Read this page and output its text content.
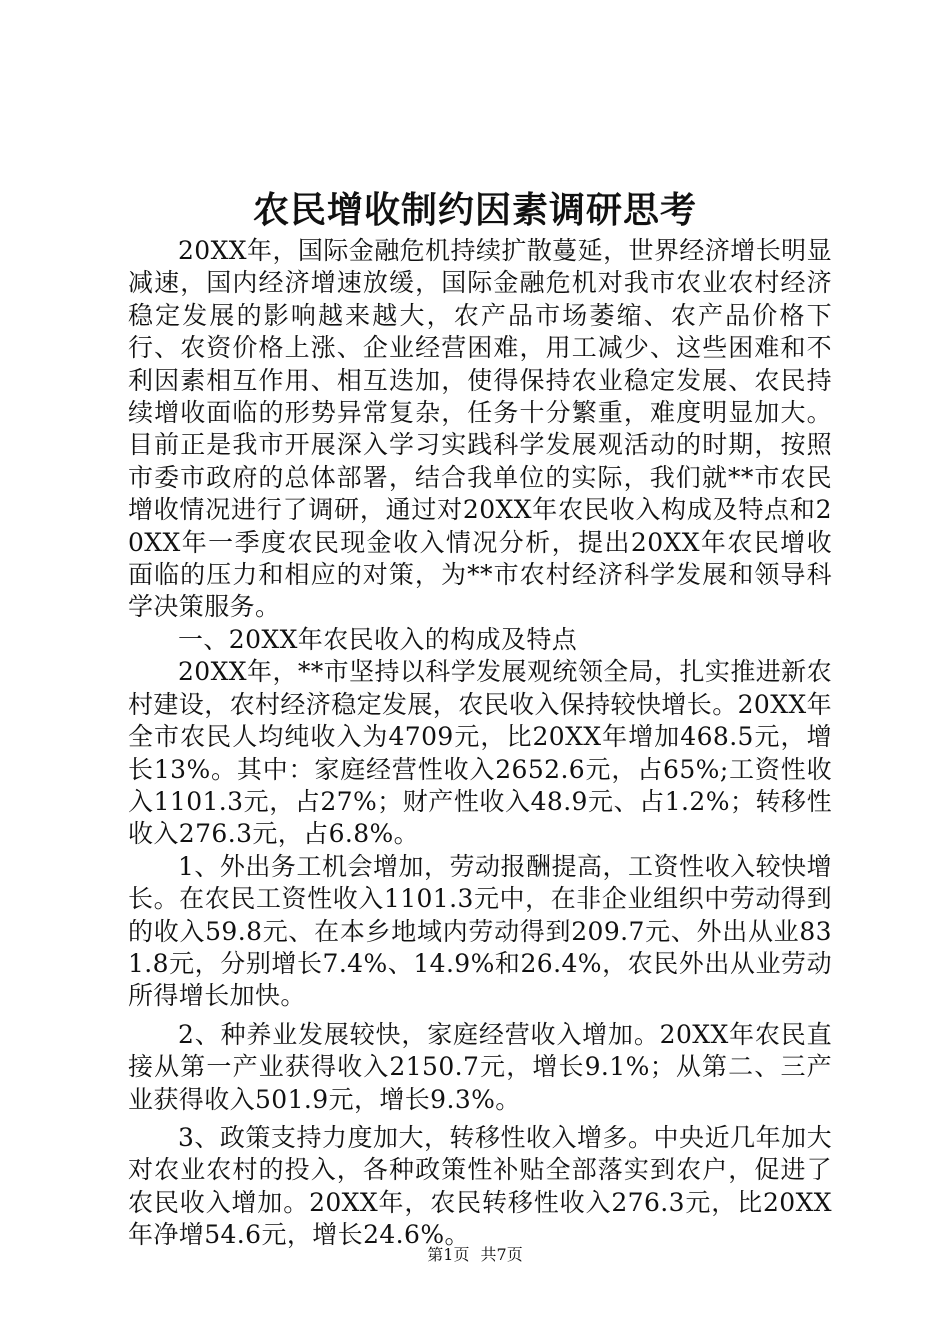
农民增收制约因素调研思考

20XX年，国际金融危机持续扩散蔓延，世界经济增长明显减速，国内经济增速放缓，国际金融危机对我市农业农村经济稳定发展的影响越来越大，农产品市场萎缩、农产品价格下行、农资价格上涨、企业经营困难，用工减少、这些困难和不利因素相互作用、相互迭加，使得保持农业稳定发展、农民持续增收面临的形势异常复杂，任务十分繁重，难度明显加大。目前正是我市开展深入学习实践科学发展观活动的时期，按照市委市政府的总体部署，结合我单位的实际，我们就**市农民增收情况进行了调研，通过对20XX年农民收入构成及特点和20XX年一季度农民现金收入情况分析，提出20XX年农民增收面临的压力和相应的对策，为**市农村经济科学发展和领导科学决策服务。

一、20XX年农民收入的构成及特点

20XX年，**市坚持以科学发展观统领全局，扎实推进新农村建设，农村经济稳定发展，农民收入保持较快增长。20XX年全市农民人均纯收入为4709元，比20XX年增加468.5元，增长13%。其中：家庭经营性收入2652.6元，占65%;工资性收入1101.3元，占27%；财产性收入48.9元、占1.2%；转移性收入276.3元，占6.8%。

1、外出务工机会增加，劳动报酬提高，工资性收入较快增长。在农民工资性收入1101.3元中，在非企业组织中劳动得到的收入59.8元、在本乡地域内劳动得到209.7元、外出从业831.8元，分别增长7.4%、14.9%和26.4%，农民外出从业劳动所得增长加快。

2、种养业发展较快，家庭经营收入增加。20XX年农民直接从第一产业获得收入2150.7元，增长9.1%；从第二、三产业获得收入501.9元，增长9.3%。

3、政策支持力度加大，转移性收入增多。中央近几年加大对农业农村的投入，各种政策性补贴全部落实到农户，促进了农民收入增加。20XX年，农民转移性收入276.3元，比20XX年净增54.6元，增长24.6%。

第1页 共7页
